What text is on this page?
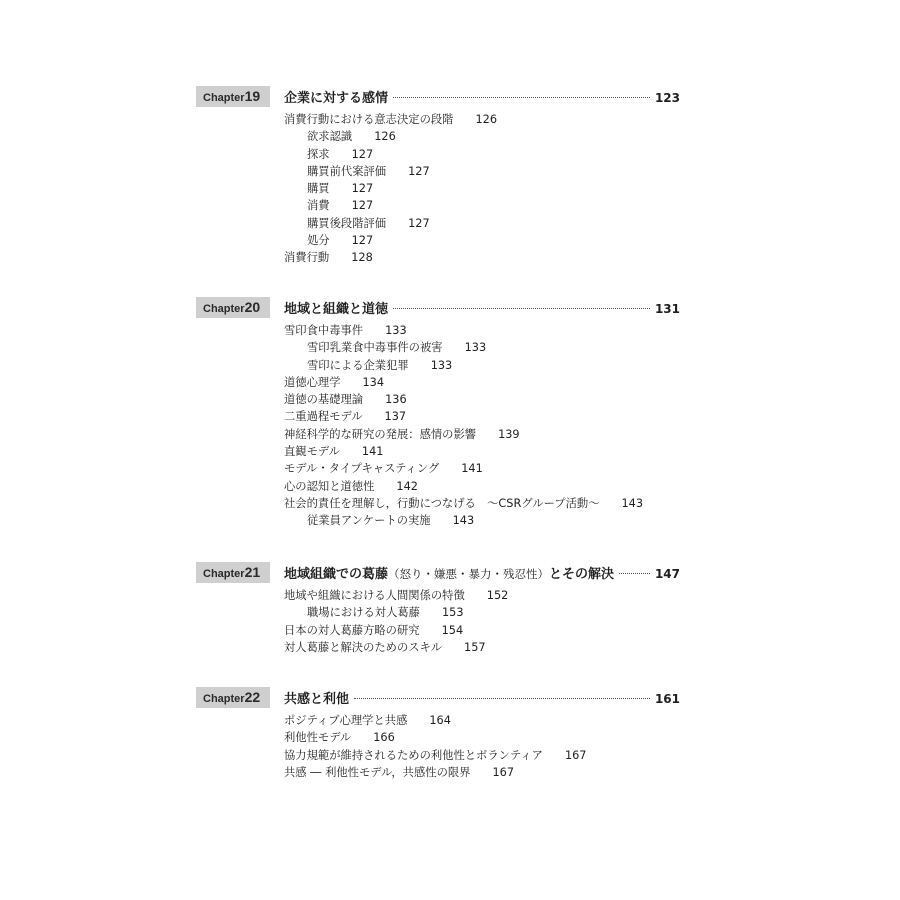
Chapter19	企業に対する感情	123
消費行動における意志決定の段階 126
欲求認識 126
探求 127
購買前代案評価 127
購買 127
消費 127
購買後段階評価 127
処分 127
消費行動 128
Chapter20	地域と組織と道徳	131
雪印食中毒事件 133
雪印乳業食中毒事件の被害 133
雪印による企業犯罪 133
道徳心理学 134
道徳の基礎理論 136
二重過程モデル 137
神経科学的な研究の発展：感情の影響 139
直観モデル 141
モデル・タイプキャスティング 141
心の認知と道徳性 142
社会的責任を理解し，行動につなげる　～CSRグループ活動～ 143
従業員アンケートの実施 143
Chapter21	地域組織での葛藤（怒り・嫌悪・暴力・残忍性）とその解決	147
地域や組織における人間関係の特徴 152
職場における対人葛藤 153
日本の対人葛藤方略の研究 154
対人葛藤と解決のためのスキル 157
Chapter22	共感と利他	161
ポジティブ心理学と共感 164
利他性モデル 166
協力規範が維持されるための利他性とボランティア 167
共感 ― 利他性モデル，共感性の限界 167
